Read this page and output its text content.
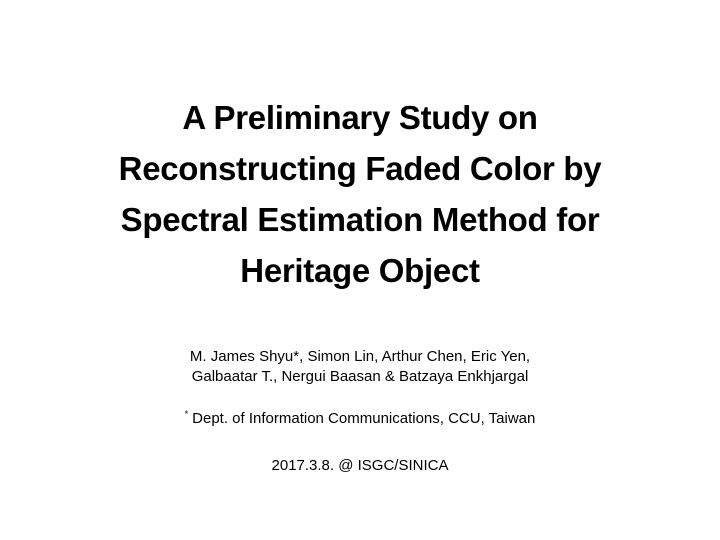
A Preliminary Study on
Reconstructing Faded Color by
Spectral Estimation Method for
Heritage Object
M. James Shyu*, Simon Lin, Arthur Chen, Eric Yen,
Galbaatar T., Nergui Baasan & Batzaya Enkhjargal
* Dept. of Information Communications, CCU, Taiwan
2017.3.8. @ ISGC/SINICA
